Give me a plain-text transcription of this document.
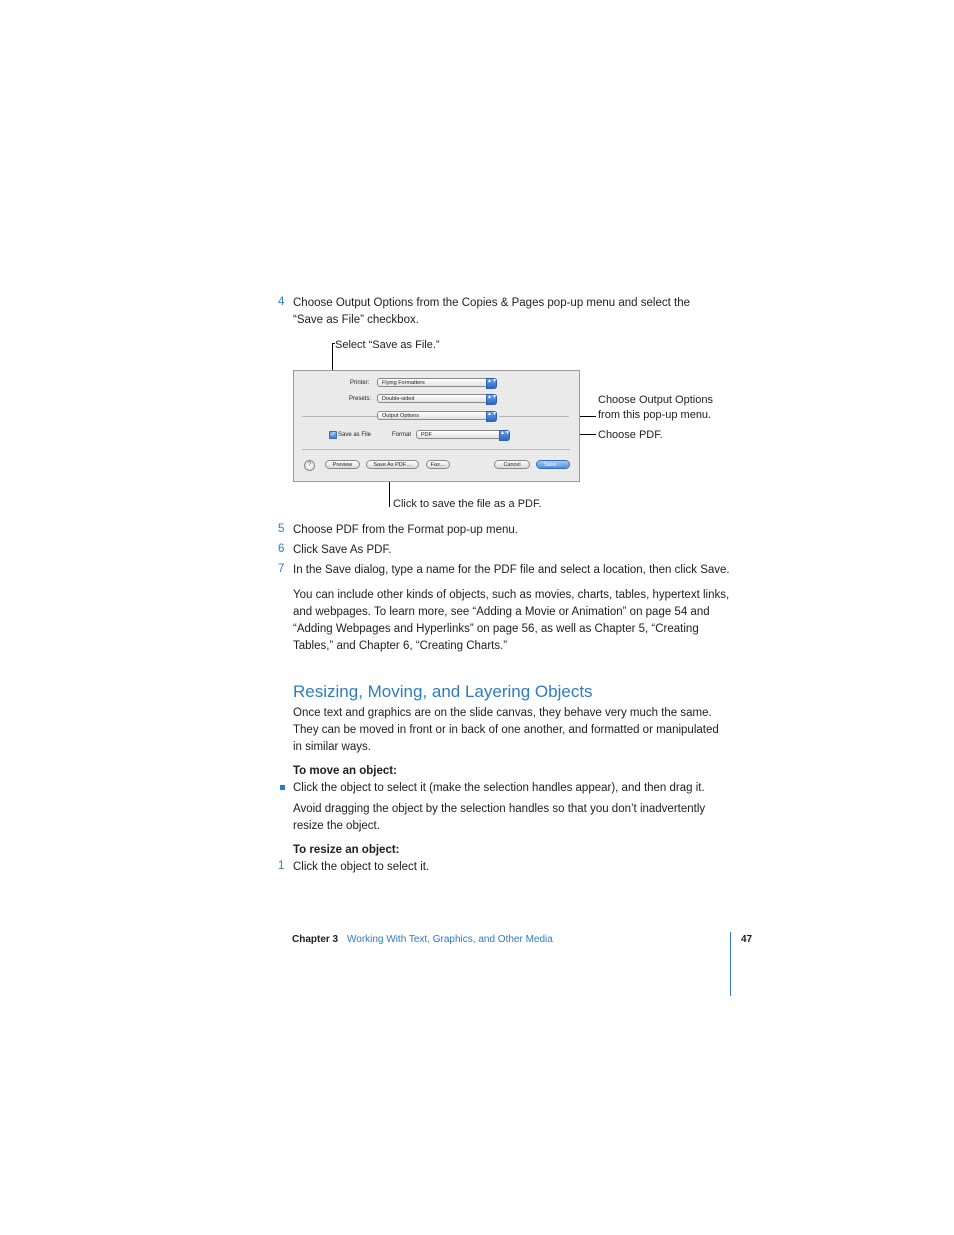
4 Choose Output Options from the Copies & Pages pop-up menu and select the “Save as File” checkbox.
Select “Save as File.”
Choose Output Options from this pop-up menu.
Choose PDF.
Click to save the file as a PDF.
Printer:	Flying Formatters	▲▼
Presets:	Double-sided	▲▼
Output Options	▲▼
✓ Save as File	Format	PDF	▲▼
?	Preview	Save As PDF…	Fax…	Cancel	Save…
5 Choose PDF from the Format pop-up menu.
6 Click Save As PDF.
7 In the Save dialog, type a name for the PDF file and select a location, then click Save.
You can include other kinds of objects, such as movies, charts, tables, hypertext links, and webpages. To learn more, see “Adding a Movie or Animation” on page 54 and “Adding Webpages and Hyperlinks” on page 56, as well as Chapter 5, “Creating Tables,” and Chapter 6, “Creating Charts.”
Resizing, Moving, and Layering Objects
Once text and graphics are on the slide canvas, they behave very much the same. They can be moved in front or in back of one another, and formatted or manipulated in similar ways.
To move an object:
Click the object to select it (make the selection handles appear), and then drag it.
Avoid dragging the object by the selection handles so that you don’t inadvertently resize the object.
To resize an object:
1 Click the object to select it.
Chapter 3 Working With Text, Graphics, and Other Media	47
